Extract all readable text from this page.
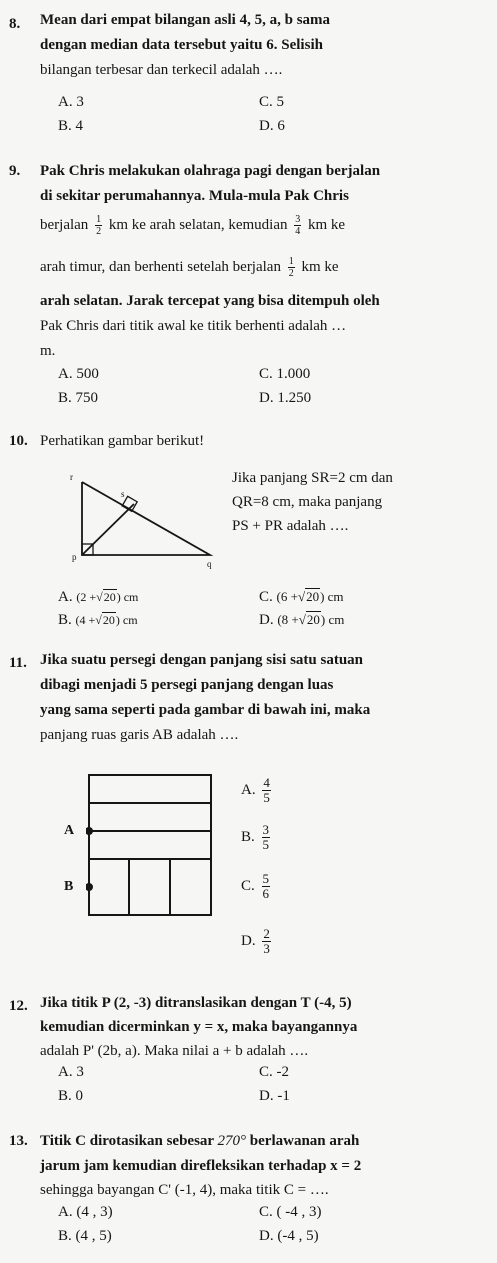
8. Mean dari empat bilangan asli 4, 5, a, b sama
dengan median data tersebut yaitu 6. Selisih
bilangan terbesar dan terkecil adalah ….
A. 3	C. 5
B. 4	D. 6
9. Pak Chris melakukan olahraga pagi dengan berjalan
di sekitar perumahannya. Mula-mula Pak Chris
berjalan $\frac{1}{2}$ km ke arah selatan, kemudian $\frac{3}{4}$ km ke
arah timur, dan berhenti setelah berjalan $\frac{1}{2}$ km ke
arah selatan. Jarak tercepat yang bisa ditempuh oleh
Pak Chris dari titik awal ke titik berhenti adalah …
m.
A. 500	C. 1.000
B. 750	D. 1.250
10. Perhatikan gambar berikut!
r
s
p
q
Jika panjang SR=2 cm dan
QR=8 cm, maka panjang
PS + PR adalah ….
A. (2 +√20) cm	C. (6 +√20) cm
B. (4 +√20) cm	D. (8 +√20) cm
11. Jika suatu persegi dengan panjang sisi satu satuan
dibagi menjadi 5 persegi panjang dengan luas
yang sama seperti pada gambar di bawah ini, maka
panjang ruas garis AB adalah ….
A
B
A. $\frac{4}{5}$
B. $\frac{3}{5}$
C. $\frac{5}{6}$
D. $\frac{2}{3}$
12. Jika titik P (2, -3) ditranslasikan dengan T (-4, 5)
kemudian dicerminkan y = x, maka bayangannya
adalah P' (2b, a). Maka nilai a + b adalah ….
A. 3	C. -2
B. 0	D. -1
13. Titik C dirotasikan sebesar 270° berlawanan arah
jarum jam kemudian direfleksikan terhadap x = 2
sehingga bayangan C' (-1, 4), maka titik C = ….
A. (4 , 3)	C. ( -4 , 3)
B. (4 , 5)	D. (-4 , 5)
